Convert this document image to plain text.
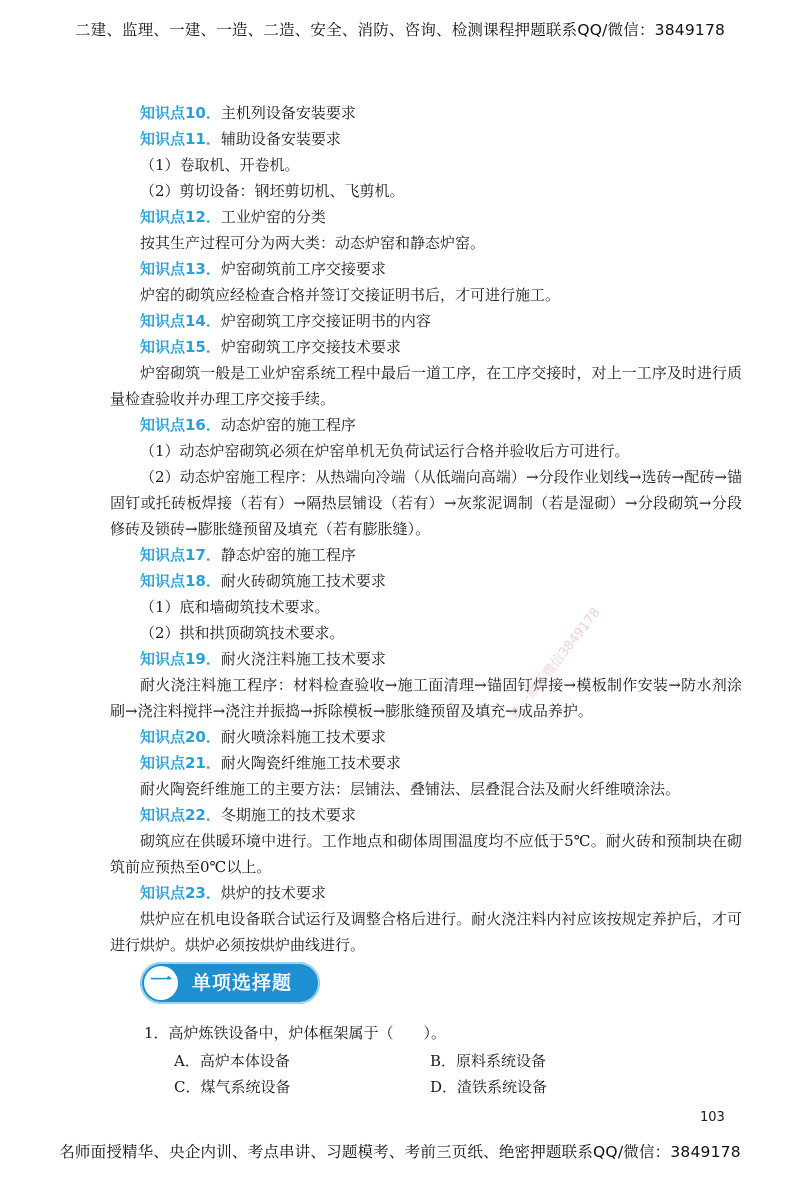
二建、监理、一建、一造、二造、安全、消防、咨询、检测课程押题联系QQ/微信：3849178
知识点10．主机列设备安装要求
知识点11．辅助设备安装要求
（1）卷取机、开卷机。
（2）剪切设备：钢坯剪切机、飞剪机。
知识点12．工业炉窑的分类
按其生产过程可分为两大类：动态炉窑和静态炉窑。
知识点13．炉窑砌筑前工序交接要求
炉窑的砌筑应经检查合格并签订交接证明书后，才可进行施工。
知识点14．炉窑砌筑工序交接证明书的内容
知识点15．炉窑砌筑工序交接技术要求
炉窑砌筑一般是工业炉窑系统工程中最后一道工序，在工序交接时，对上一工序及时进行质量检查验收并办理工序交接手续。
知识点16．动态炉窑的施工程序
（1）动态炉窑砌筑必须在炉窑单机无负荷试运行合格并验收后方可进行。
（2）动态炉窑施工程序：从热端向冷端（从低端向高端）→分段作业划线→选砖→配砖→锚固钉或托砖板焊接（若有）→隔热层铺设（若有）→灰浆泥调制（若是湿砌）→分段砌筑→分段修砖及锁砖→膨胀缝预留及填充（若有膨胀缝）。
知识点17．静态炉窑的施工程序
知识点18．耐火砖砌筑施工技术要求
（1）底和墙砌筑技术要求。
（2）拱和拱顶砌筑技术要求。
知识点19．耐火浇注料施工技术要求
耐火浇注料施工程序：材料检查验收→施工面清理→锚固钉焊接→模板制作安装→防水剂涂刷→浇注料搅拌→浇注并振捣→拆除模板→膨胀缝预留及填充→成品养护。
知识点20．耐火喷涂料施工技术要求
知识点21．耐火陶瓷纤维施工技术要求
耐火陶瓷纤维施工的主要方法：层铺法、叠铺法、层叠混合法及耐火纤维喷涂法。
知识点22．冬期施工的技术要求
砌筑应在供暖环境中进行。工作地点和砌体周围温度均不应低于5℃。耐火砖和预制块在砌筑前应预热至0℃以上。
知识点23．烘炉的技术要求
烘炉应在机电设备联合试运行及调整合格后进行。耐火浇注料内衬应该按规定养护后，才可进行烘炉。烘炉必须按烘炉曲线进行。
唯一联系微信3849178
一	单项选择题
1．高炉炼铁设备中，炉体框架属于（　　）。
A．高炉本体设备	B．原料系统设备
C．煤气系统设备	D．渣铁系统设备
103
名师面授精华、央企内训、考点串讲、习题模考、考前三页纸、绝密押题联系QQ/微信：3849178
